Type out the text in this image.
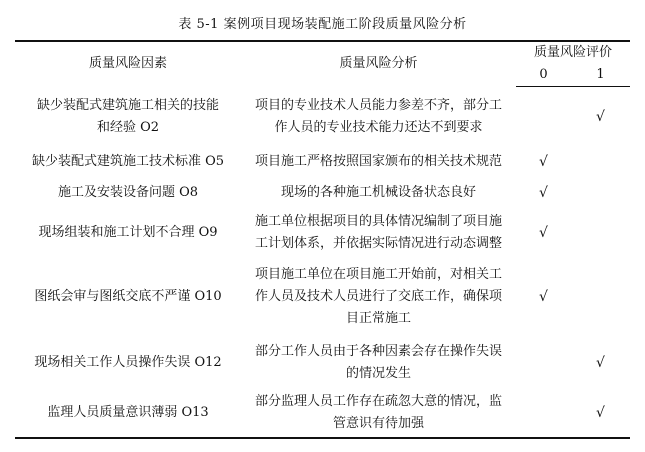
表 5-1 案例项目现场装配施工阶段质量风险分析
质量风险因素	质量风险分析	质量风险评价	
		0	1

缺少装配式建筑施工相关的技能
和经验 O2	项目的专业技术人员能力参差不齐，部分工
作人员的专业技术能力还达不到要求		√

缺少装配式建筑施工技术标准 O5	项目施工严格按照国家颁布的相关技术规范	√	

施工及安装设备问题 O8	现场的各种施工机械设备状态良好	√	

现场组装和施工计划不合理 O9	施工单位根据项目的具体情况编制了项目施
工计划体系，并依据实际情况进行动态调整	√	

图纸会审与图纸交底不严谨 O10	项目施工单位在项目施工开始前，对相关工
作人员及技术人员进行了交底工作，确保项
目正常施工	√	

现场相关工作人员操作失误 O12	部分工作人员由于各种因素会存在操作失误
的情况发生		√

监理人员质量意识薄弱 O13	部分监理人员工作存在疏忽大意的情况，监
管意识有待加强		√
